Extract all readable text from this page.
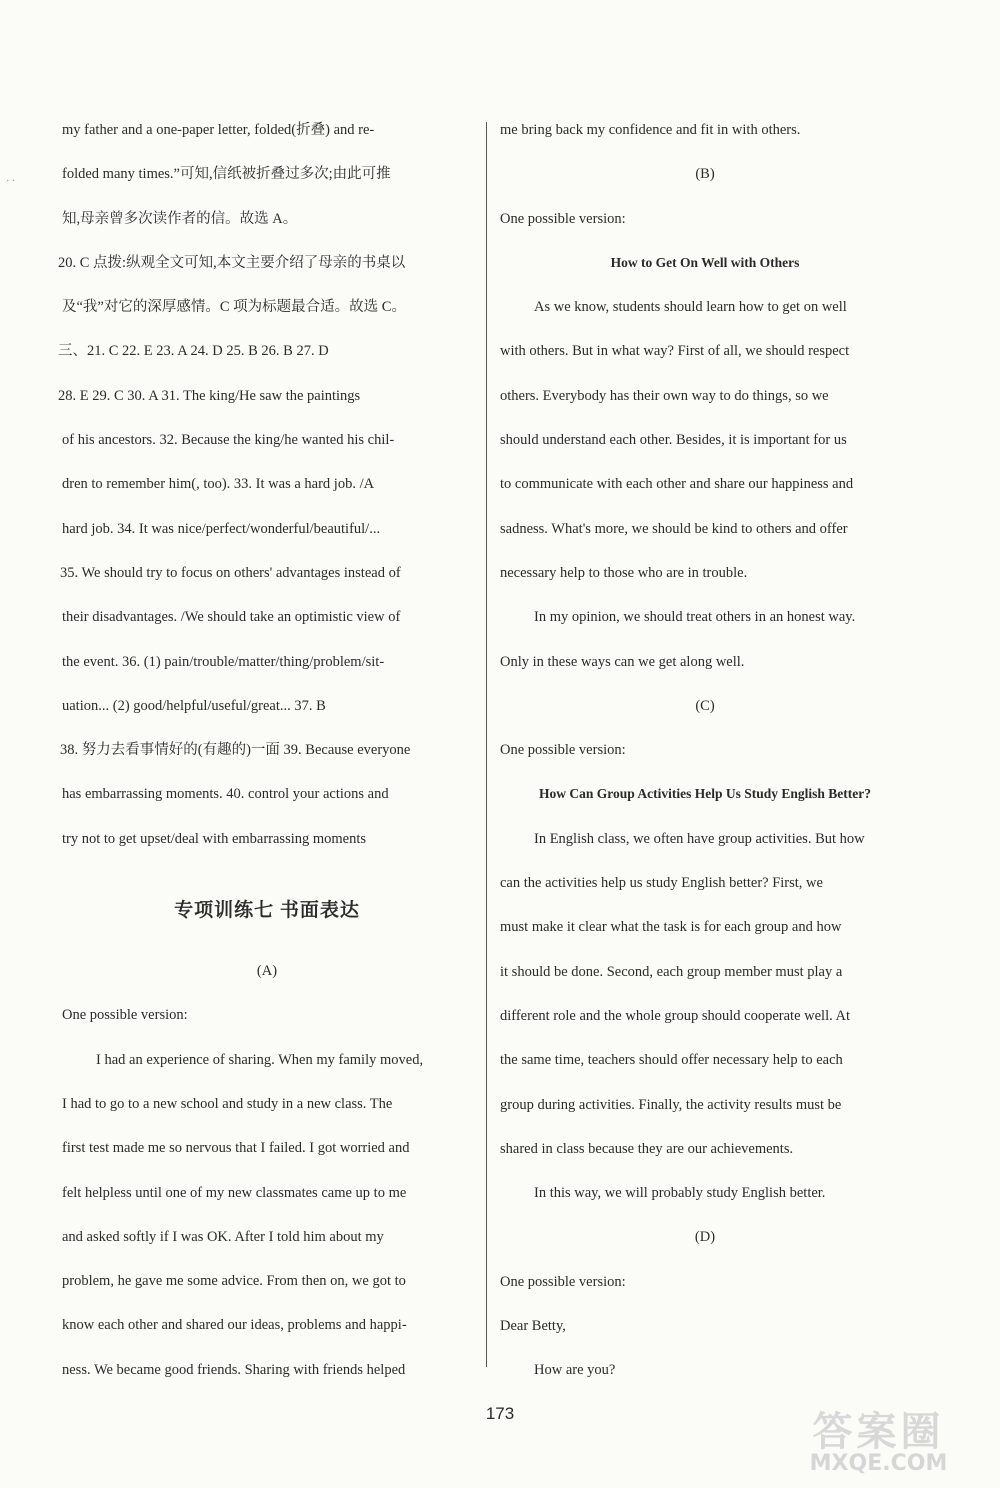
· ·
my father and a one-paper letter, folded(折叠) and re-
folded many times.”可知,信纸被折叠过多次;由此可推
知,母亲曾多次读作者的信。故选 A。
20. C 点拨:纵观全文可知,本文主要介绍了母亲的书桌以
及“我”对它的深厚感情。C 项为标题最合适。故选 C。
三、21. C 22. E 23. A 24. D 25. B 26. B 27. D
28. E 29. C 30. A 31. The king/He saw the paintings
of his ancestors. 32. Because the king/he wanted his chil-
dren to remember him(, too). 33. It was a hard job. /A
hard job. 34. It was nice/perfect/wonderful/beautiful/...
35. We should try to focus on others' advantages instead of
their disadvantages. /We should take an optimistic view of
the event. 36. (1) pain/trouble/matter/thing/problem/sit-
uation... (2) good/helpful/useful/great... 37. B
38. 努力去看事情好的(有趣的)一面 39. Because everyone
has embarrassing moments. 40. control your actions and
try not to get upset/deal with embarrassing moments
专项训练七 书面表达
(A)
One possible version:
I had an experience of sharing. When my family moved,
I had to go to a new school and study in a new class. The
first test made me so nervous that I failed. I got worried and
felt helpless until one of my new classmates came up to me
and asked softly if I was OK. After I told him about my
problem, he gave me some advice. From then on, we got to
know each other and shared our ideas, problems and happi-
ness. We became good friends. Sharing with friends helped
me bring back my confidence and fit in with others.
(B)
One possible version:
How to Get On Well with Others
As we know, students should learn how to get on well
with others. But in what way? First of all, we should respect
others. Everybody has their own way to do things, so we
should understand each other. Besides, it is important for us
to communicate with each other and share our happiness and
sadness. What's more, we should be kind to others and offer
necessary help to those who are in trouble.
In my opinion, we should treat others in an honest way.
Only in these ways can we get along well.
(C)
One possible version:
How Can Group Activities Help Us Study English Better?
In English class, we often have group activities. But how
can the activities help us study English better? First, we
must make it clear what the task is for each group and how
it should be done. Second, each group member must play a
different role and the whole group should cooperate well. At
the same time, teachers should offer necessary help to each
group during activities. Finally, the activity results must be
shared in class because they are our achievements.
In this way, we will probably study English better.
(D)
One possible version:
Dear Betty,
How are you?
173	答案圈
MXQE.COM
